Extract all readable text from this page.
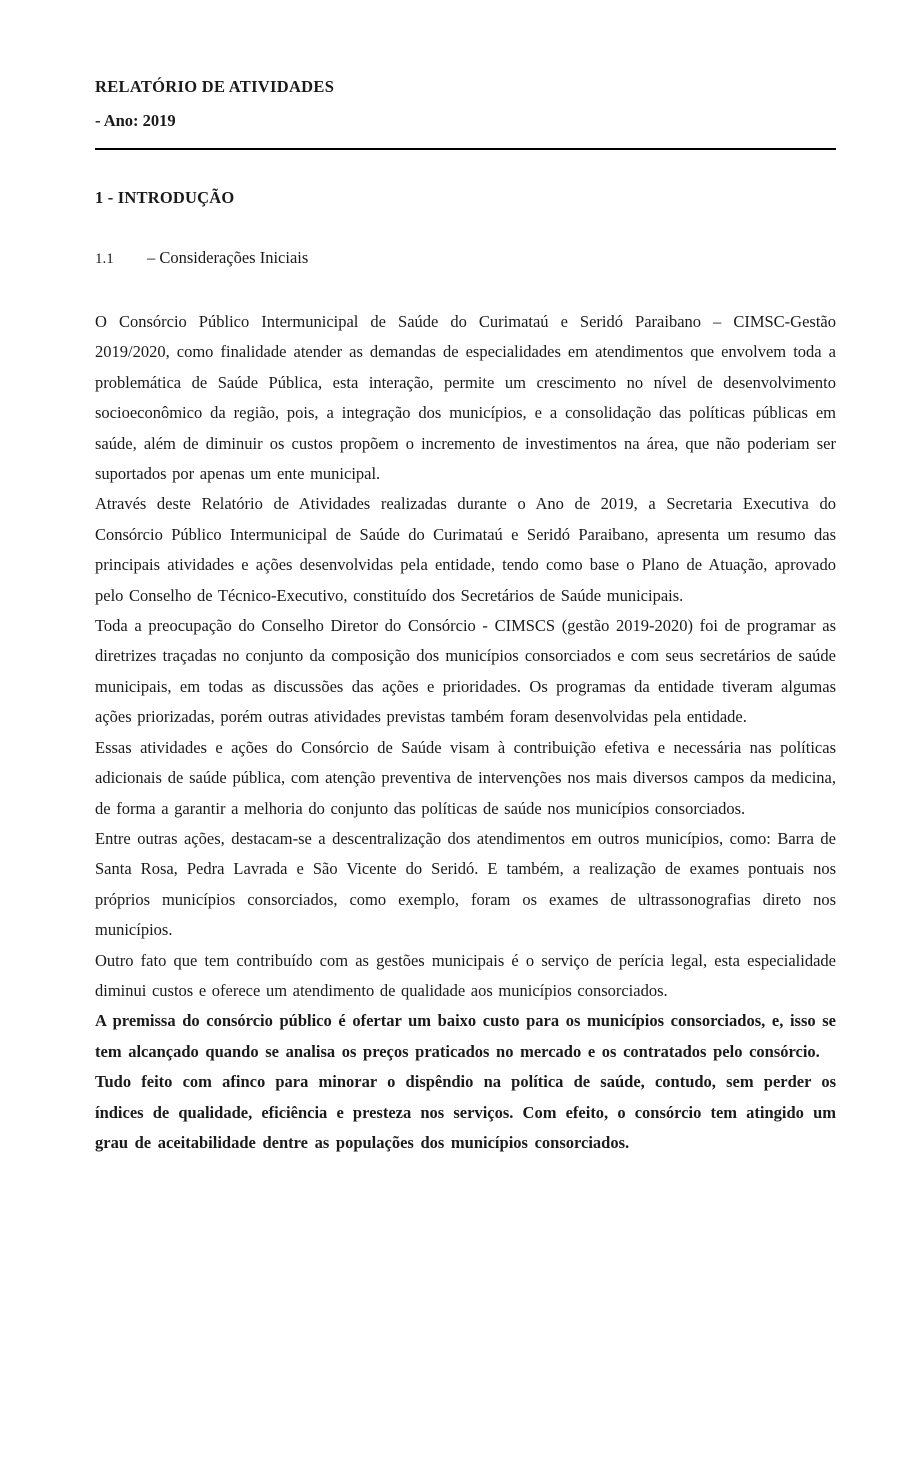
RELATÓRIO DE ATIVIDADES
- Ano: 2019
1 - INTRODUÇÃO
1.1 – Considerações Iniciais

O Consórcio Público Intermunicipal de Saúde do Curimataú e Seridó Paraibano – CIMSC-Gestão 2019/2020, como finalidade atender as demandas de especialidades em atendimentos que envolvem toda a problemática de Saúde Pública, esta interação, permite um crescimento no nível de desenvolvimento socioeconômico da região, pois, a integração dos municípios, e a consolidação das políticas públicas em saúde, além de diminuir os custos propõem o incremento de investimentos na área, que não poderiam ser suportados por apenas um ente municipal.

Através deste Relatório de Atividades realizadas durante o Ano de 2019, a Secretaria Executiva do Consórcio Público Intermunicipal de Saúde do Curimataú e Seridó Paraibano, apresenta um resumo das principais atividades e ações desenvolvidas pela entidade, tendo como base o Plano de Atuação, aprovado pelo Conselho de Técnico-Executivo, constituído dos Secretários de Saúde municipais.

Toda a preocupação do Conselho Diretor do Consórcio - CIMSCS (gestão 2019-2020) foi de programar as diretrizes traçadas no conjunto da composição dos municípios consorciados e com seus secretários de saúde municipais, em todas as discussões das ações e prioridades. Os programas da entidade tiveram algumas ações priorizadas, porém outras atividades previstas também foram desenvolvidas pela entidade.

Essas atividades e ações do Consórcio de Saúde visam à contribuição efetiva e necessária nas políticas adicionais de saúde pública, com atenção preventiva de intervenções nos mais diversos campos da medicina, de forma a garantir a melhoria do conjunto das políticas de saúde nos municípios consorciados.

Entre outras ações, destacam-se a descentralização dos atendimentos em outros municípios, como: Barra de Santa Rosa, Pedra Lavrada e São Vicente do Seridó. E também, a realização de exames pontuais nos próprios municípios consorciados, como exemplo, foram os exames de ultrassonografias direto nos municípios.

Outro fato que tem contribuído com as gestões municipais é o serviço de perícia legal, esta especialidade diminui custos e oferece um atendimento de qualidade aos municípios consorciados.

A premissa do consórcio público é ofertar um baixo custo para os municípios consorciados, e, isso se tem alcançado quando se analisa os preços praticados no mercado e os contratados pelo consórcio.

Tudo feito com afinco para minorar o dispêndio na política de saúde, contudo, sem perder os índices de qualidade, eficiência e presteza nos serviços. Com efeito, o consórcio tem atingido um grau de aceitabilidade dentre as populações dos municípios consorciados.
